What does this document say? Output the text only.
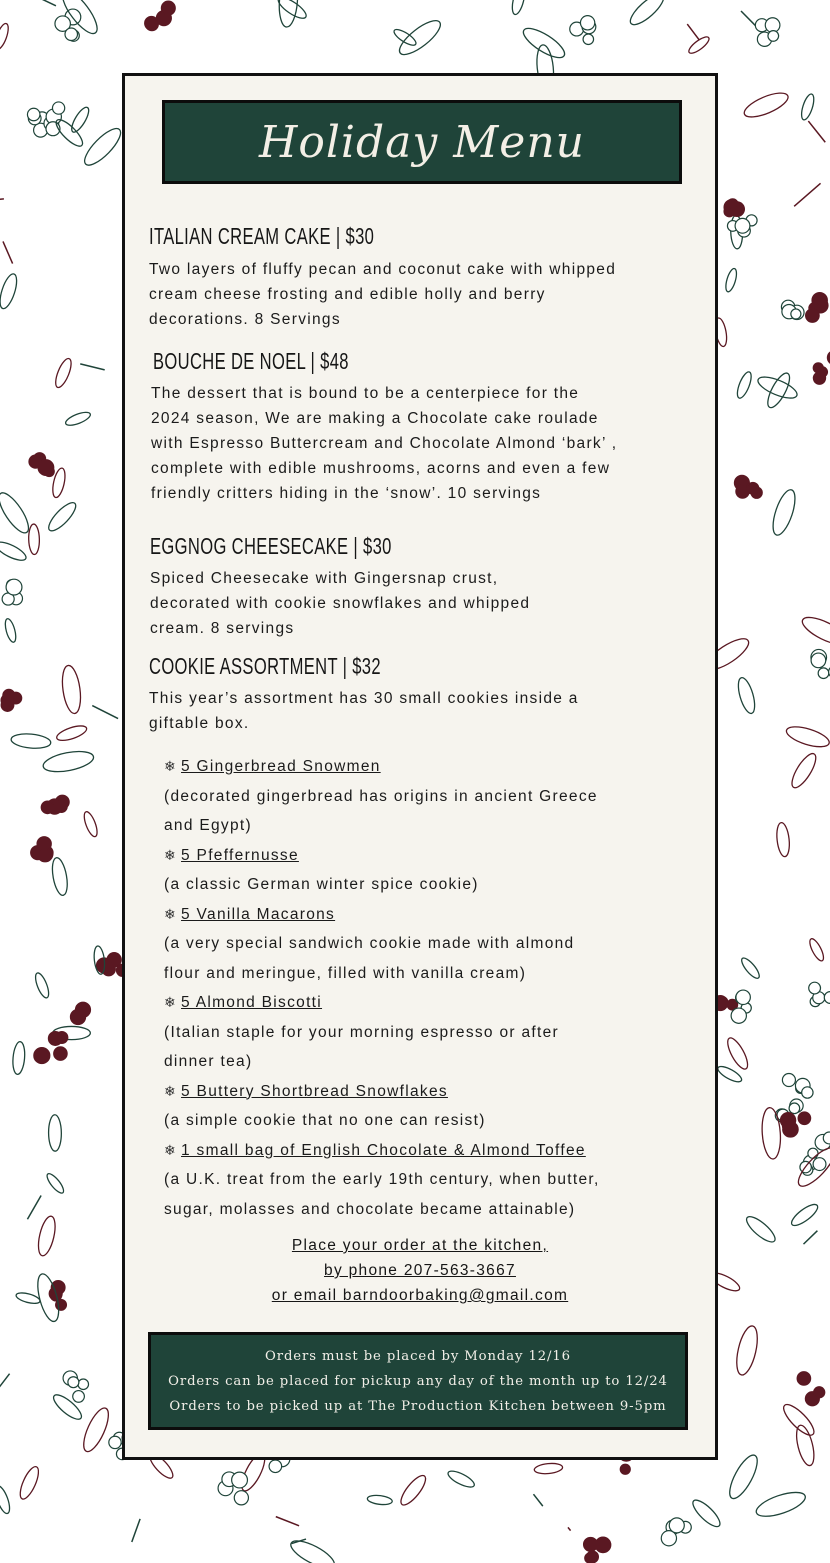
Holiday Menu
ITALIAN CREAM CAKE | $30
Two layers of fluffy pecan and coconut cake with whipped
cream cheese frosting and edible holly and berry
decorations. 8 Servings
BOUCHE DE NOEL | $48
The dessert that is bound to be a centerpiece for the
2024 season, We are making a Chocolate cake roulade
with Espresso Buttercream and Chocolate Almond ‘bark’ ,
complete with edible mushrooms, acorns and even a few
friendly critters hiding in the ‘snow’. 10 servings
EGGNOG CHEESECAKE | $30
Spiced Cheesecake with Gingersnap crust,
decorated with cookie snowflakes and whipped
cream. 8 servings
COOKIE ASSORTMENT | $32
This year’s assortment has 30 small cookies inside a
giftable box.
❄ 5 Gingerbread Snowmen
(decorated gingerbread has origins in ancient Greece
and Egypt)
❄ 5 Pfeffernusse
(a classic German winter spice cookie)
❄ 5 Vanilla Macarons
(a very special sandwich cookie made with almond
flour and meringue, filled with vanilla cream)
❄ 5 Almond Biscotti
(Italian staple for your morning espresso or after
dinner tea)
❄ 5 Buttery Shortbread Snowflakes
(a simple cookie that no one can resist)
❄ 1 small bag of English Chocolate & Almond Toffee
(a U.K. treat from the early 19th century, when butter,
sugar, molasses and chocolate became attainable)
Place your order at the kitchen,
by phone 207-563-3667
or email barndoorbaking@gmail.com
Orders must be placed by Monday 12/16
Orders can be placed for pickup any day of the month up to 12/24
Orders to be picked up at The Production Kitchen between 9-5pm
